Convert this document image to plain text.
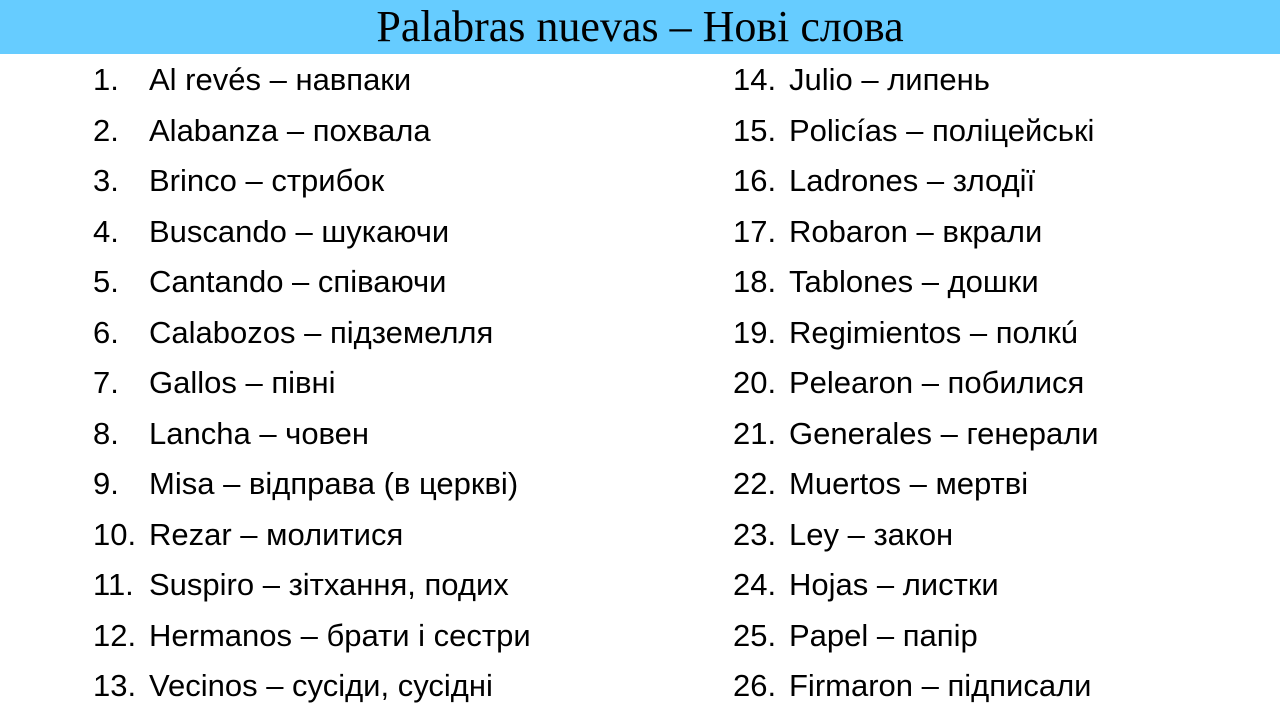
Palabras nuevas – Нові слова
1. Al revés – навпаки
2. Alabanza – похвала
3. Brinco – стрибок
4. Buscando – шукаючи
5. Cantando – співаючи
6. Calabozos – підземелля
7. Gallos – півні
8. Lancha – човен
9. Misa – відправа (в церкві)
10. Rezar – молитися
11. Suspiro – зітхання, подих
12. Hermanos – брати і сестри
13. Vecinos – сусіди, сусідні
14. Julio – липень
15. Policías – поліцейські
16. Ladrones – злодії
17. Robaron – вкрали
18. Tablones – дошки
19. Regimientos – полкú
20. Pelearon – побилися
21. Generales – генерали
22. Muertos – мертві
23. Ley – закон
24. Hojas – листки
25. Papel – папір
26. Firmaron – підписали
